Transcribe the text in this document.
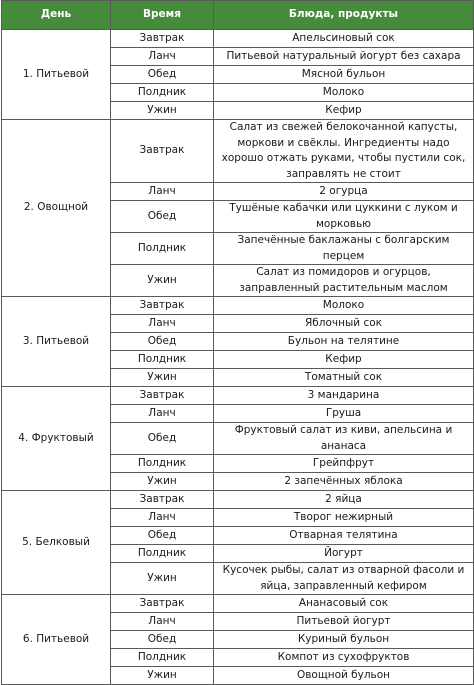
День	Время	Блюда, продукты
1. Питьевой	Завтрак	Апельсиновый сок
	Ланч	Питьевой натуральный йогурт без сахара
	Обед	Мясной бульон
	Полдник	Молоко
	Ужин	Кефир
2. Овощной	Завтрак	Салат из свежей белокочанной капусты, моркови и свёклы. Ингредиенты надо хорошо отжать руками, чтобы пустили сок, заправлять не стоит
	Ланч	2 огурца
	Обед	Тушёные кабачки или цуккини с луком и морковью
	Полдник	Запечённые баклажаны с болгарским перцем
	Ужин	Салат из помидоров и огурцов, заправленный растительным маслом
3. Питьевой	Завтрак	Молоко
	Ланч	Яблочный сок
	Обед	Бульон на телятине
	Полдник	Кефир
	Ужин	Томатный сок
4. Фруктовый	Завтрак	3 мандарина
	Ланч	Груша
	Обед	Фруктовый салат из киви, апельсина и ананаса
	Полдник	Грейпфрут
	Ужин	2 запечённых яблока
5. Белковый	Завтрак	2 яйца
	Ланч	Творог нежирный
	Обед	Отварная телятина
	Полдник	Йогурт
	Ужин	Кусочек рыбы, салат из отварной фасоли и яйца, заправленный кефиром
6. Питьевой	Завтрак	Ананасовый сок
	Ланч	Питьевой йогурт
	Обед	Куриный бульон
	Полдник	Компот из сухофруктов
	Ужин	Овощной бульон
